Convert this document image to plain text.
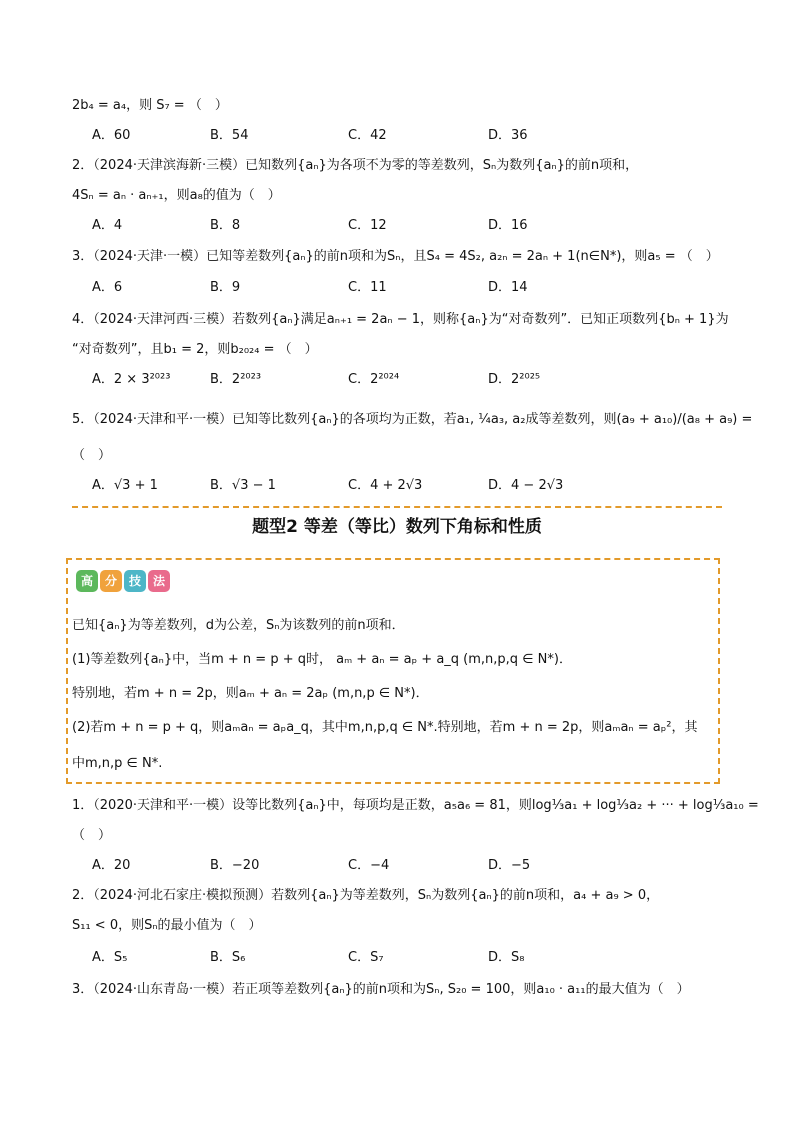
2b₄ = a₄，则 S₇ = （　）
A．60	B．54	C．42	D．36
2．（2024·天津滨海新·三模）已知数列{aₙ}为各项不为零的等差数列，Sₙ为数列{aₙ}的前n项和，
4Sₙ = aₙ · aₙ₊₁，则a₈的值为（　）
A．4	B．8	C．12	D．16
3．（2024·天津·一模）已知等差数列{aₙ}的前n项和为Sₙ，且S₄ = 4S₂, a₂ₙ = 2aₙ + 1(n∈N*)，则a₅ = （　）
A．6	B．9	C．11	D．14
4．（2024·天津河西·三模）若数列{aₙ}满足aₙ₊₁ = 2aₙ − 1，则称{aₙ}为“对奇数列”．已知正项数列{bₙ + 1}为
“对奇数列”，且b₁ = 2，则b₂₀₂₄ = （　）
A．2 × 3²⁰²³	B．2²⁰²³	C．2²⁰²⁴	D．2²⁰²⁵
5．（2024·天津和平·一模）已知等比数列{aₙ}的各项均为正数，若a₁, ¼a₃, a₂成等差数列，则(a₉ + a₁₀)/(a₈ + a₉) =
（　）
A．√3 + 1	B．√3 − 1	C．4 + 2√3	D．4 − 2√3
题型2 等差（等比）数列下角标和性质
高 分 技 法
已知{aₙ}为等差数列，d为公差，Sₙ为该数列的前n项和．
(1)等差数列{aₙ}中，当m + n = p + q时， aₘ + aₙ = aₚ + a_q (m,n,p,q ∈ N*)．
特别地，若m + n = 2p，则aₘ + aₙ = 2aₚ (m,n,p ∈ N*)．
(2)若m + n = p + q，则aₘaₙ = aₚa_q，其中m,n,p,q ∈ N*.特别地，若m + n = 2p，则aₘaₙ = aₚ²，其
中m,n,p ∈ N*.
1．（2020·天津和平·一模）设等比数列{aₙ}中，每项均是正数，a₅a₆ = 81，则log⅓a₁ + log⅓a₂ + ··· + log⅓a₁₀ =
（　）
A．20	B．−20	C．−4	D．−5
2．（2024·河北石家庄·模拟预测）若数列{aₙ}为等差数列，Sₙ为数列{aₙ}的前n项和，a₄ + a₉ > 0，
S₁₁ < 0，则Sₙ的最小值为（　）
A．S₅	B．S₆	C．S₇	D．S₈
3．（2024·山东青岛·一模）若正项等差数列{aₙ}的前n项和为Sₙ, S₂₀ = 100，则a₁₀ · a₁₁的最大值为（　）
